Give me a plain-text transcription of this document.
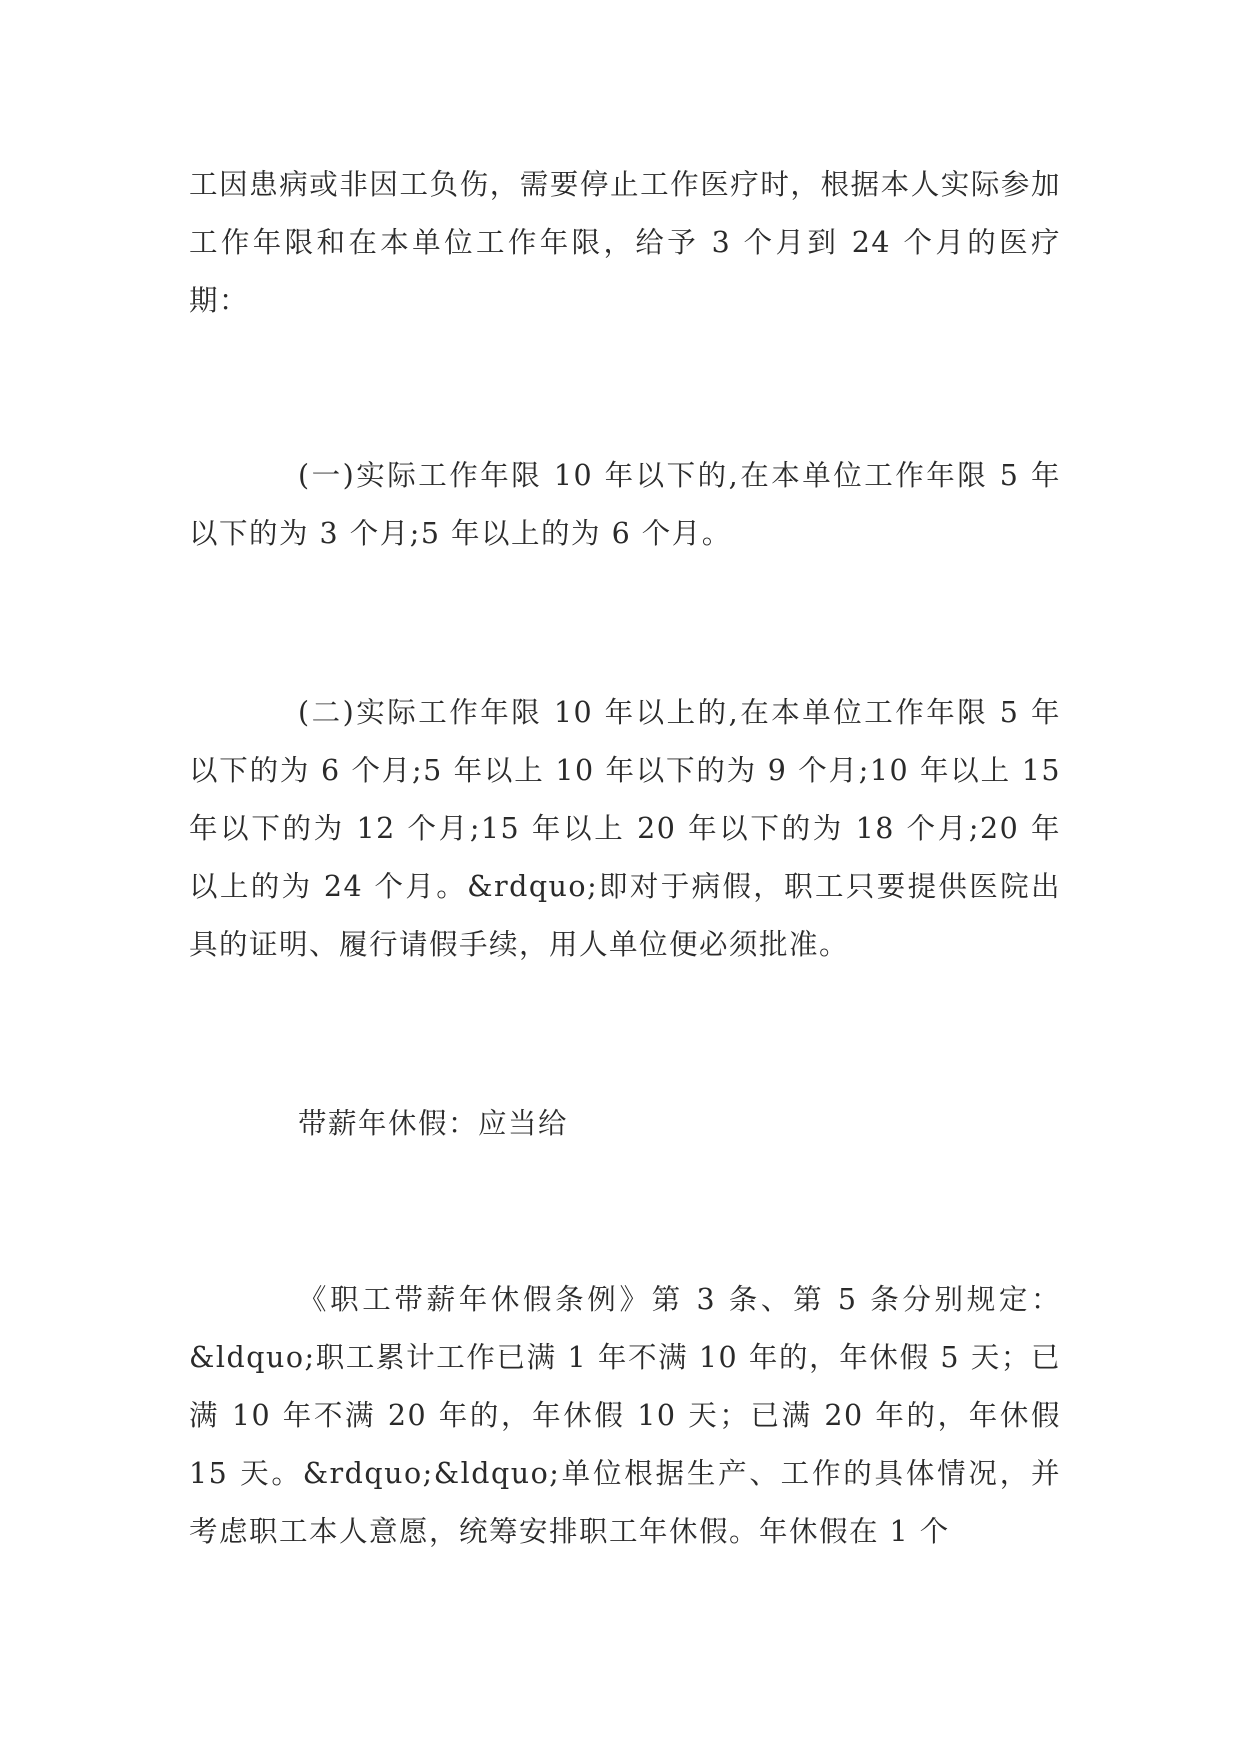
工因患病或非因工负伤，需要停止工作医疗时，根据本人实际参加工作年限和在本单位工作年限，给予 3 个月到 24 个月的医疗期：

(一)实际工作年限 10 年以下的,在本单位工作年限 5 年以下的为 3 个月;5 年以上的为 6 个月。

(二)实际工作年限 10 年以上的,在本单位工作年限 5 年以下的为 6 个月;5 年以上 10 年以下的为 9 个月;10 年以上 15 年以下的为 12 个月;15 年以上 20 年以下的为 18 个月;20 年以上的为 24 个月。&rdquo;即对于病假，职工只要提供医院出具的证明、履行请假手续，用人单位便必须批准。

带薪年休假：应当给

《职工带薪年休假条例》第 3 条、第 5 条分别规定：&ldquo;职工累计工作已满 1 年不满 10 年的，年休假 5 天；已满 10 年不满 20 年的，年休假 10 天；已满 20 年的，年休假 15 天。&rdquo;&ldquo;单位根据生产、工作的具体情况，并考虑职工本人意愿，统筹安排职工年休假。年休假在 1 个
